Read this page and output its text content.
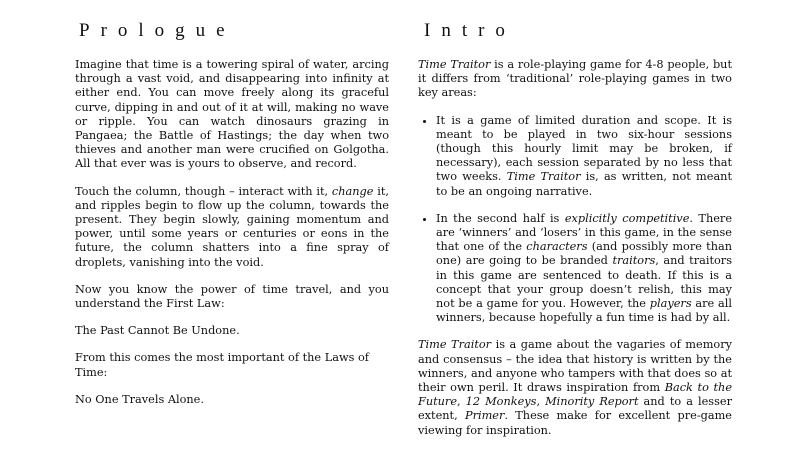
Prologue

Imagine that time is a towering spiral of water, arcing through a vast void, and disappearing into infinity at either end. You can move freely along its graceful curve, dipping in and out of it at will, making no wave or ripple. You can watch dinosaurs grazing in Pangaea; the Battle of Hastings; the day when two thieves and another man were crucified on Golgotha. All that ever was is yours to observe, and record.

Touch the column, though – interact with it, change it, and ripples begin to flow up the column, towards the present. They begin slowly, gaining momentum and power, until some years or centuries or eons in the future, the column shatters into a fine spray of droplets, vanishing into the void.

Now you know the power of time travel, and you understand the First Law:

The Past Cannot Be Undone.

From this comes the most important of the Laws of Time:

No One Travels Alone.

Intro

Time Traitor is a role-playing game for 4-8 people, but it differs from ‘traditional’ role-playing games in two key areas:

• It is a game of limited duration and scope. It is meant to be played in two six-hour sessions (though this hourly limit may be broken, if necessary), each session separated by no less that two weeks. Time Traitor is, as written, not meant to be an ongoing narrative.
• In the second half is explicitly competitive. There are ‘winners’ and ‘losers’ in this game, in the sense that one of the characters (and possibly more than one) are going to be branded traitors, and traitors in this game are sentenced to death. If this is a concept that your group doesn’t relish, this may not be a game for you. However, the players are all winners, because hopefully a fun time is had by all.

Time Traitor is a game about the vagaries of memory and consensus – the idea that history is written by the winners, and anyone who tampers with that does so at their own peril. It draws inspiration from Back to the Future, 12 Monkeys, Minority Report and to a lesser extent, Primer. These make for excellent pre-game viewing for inspiration.
